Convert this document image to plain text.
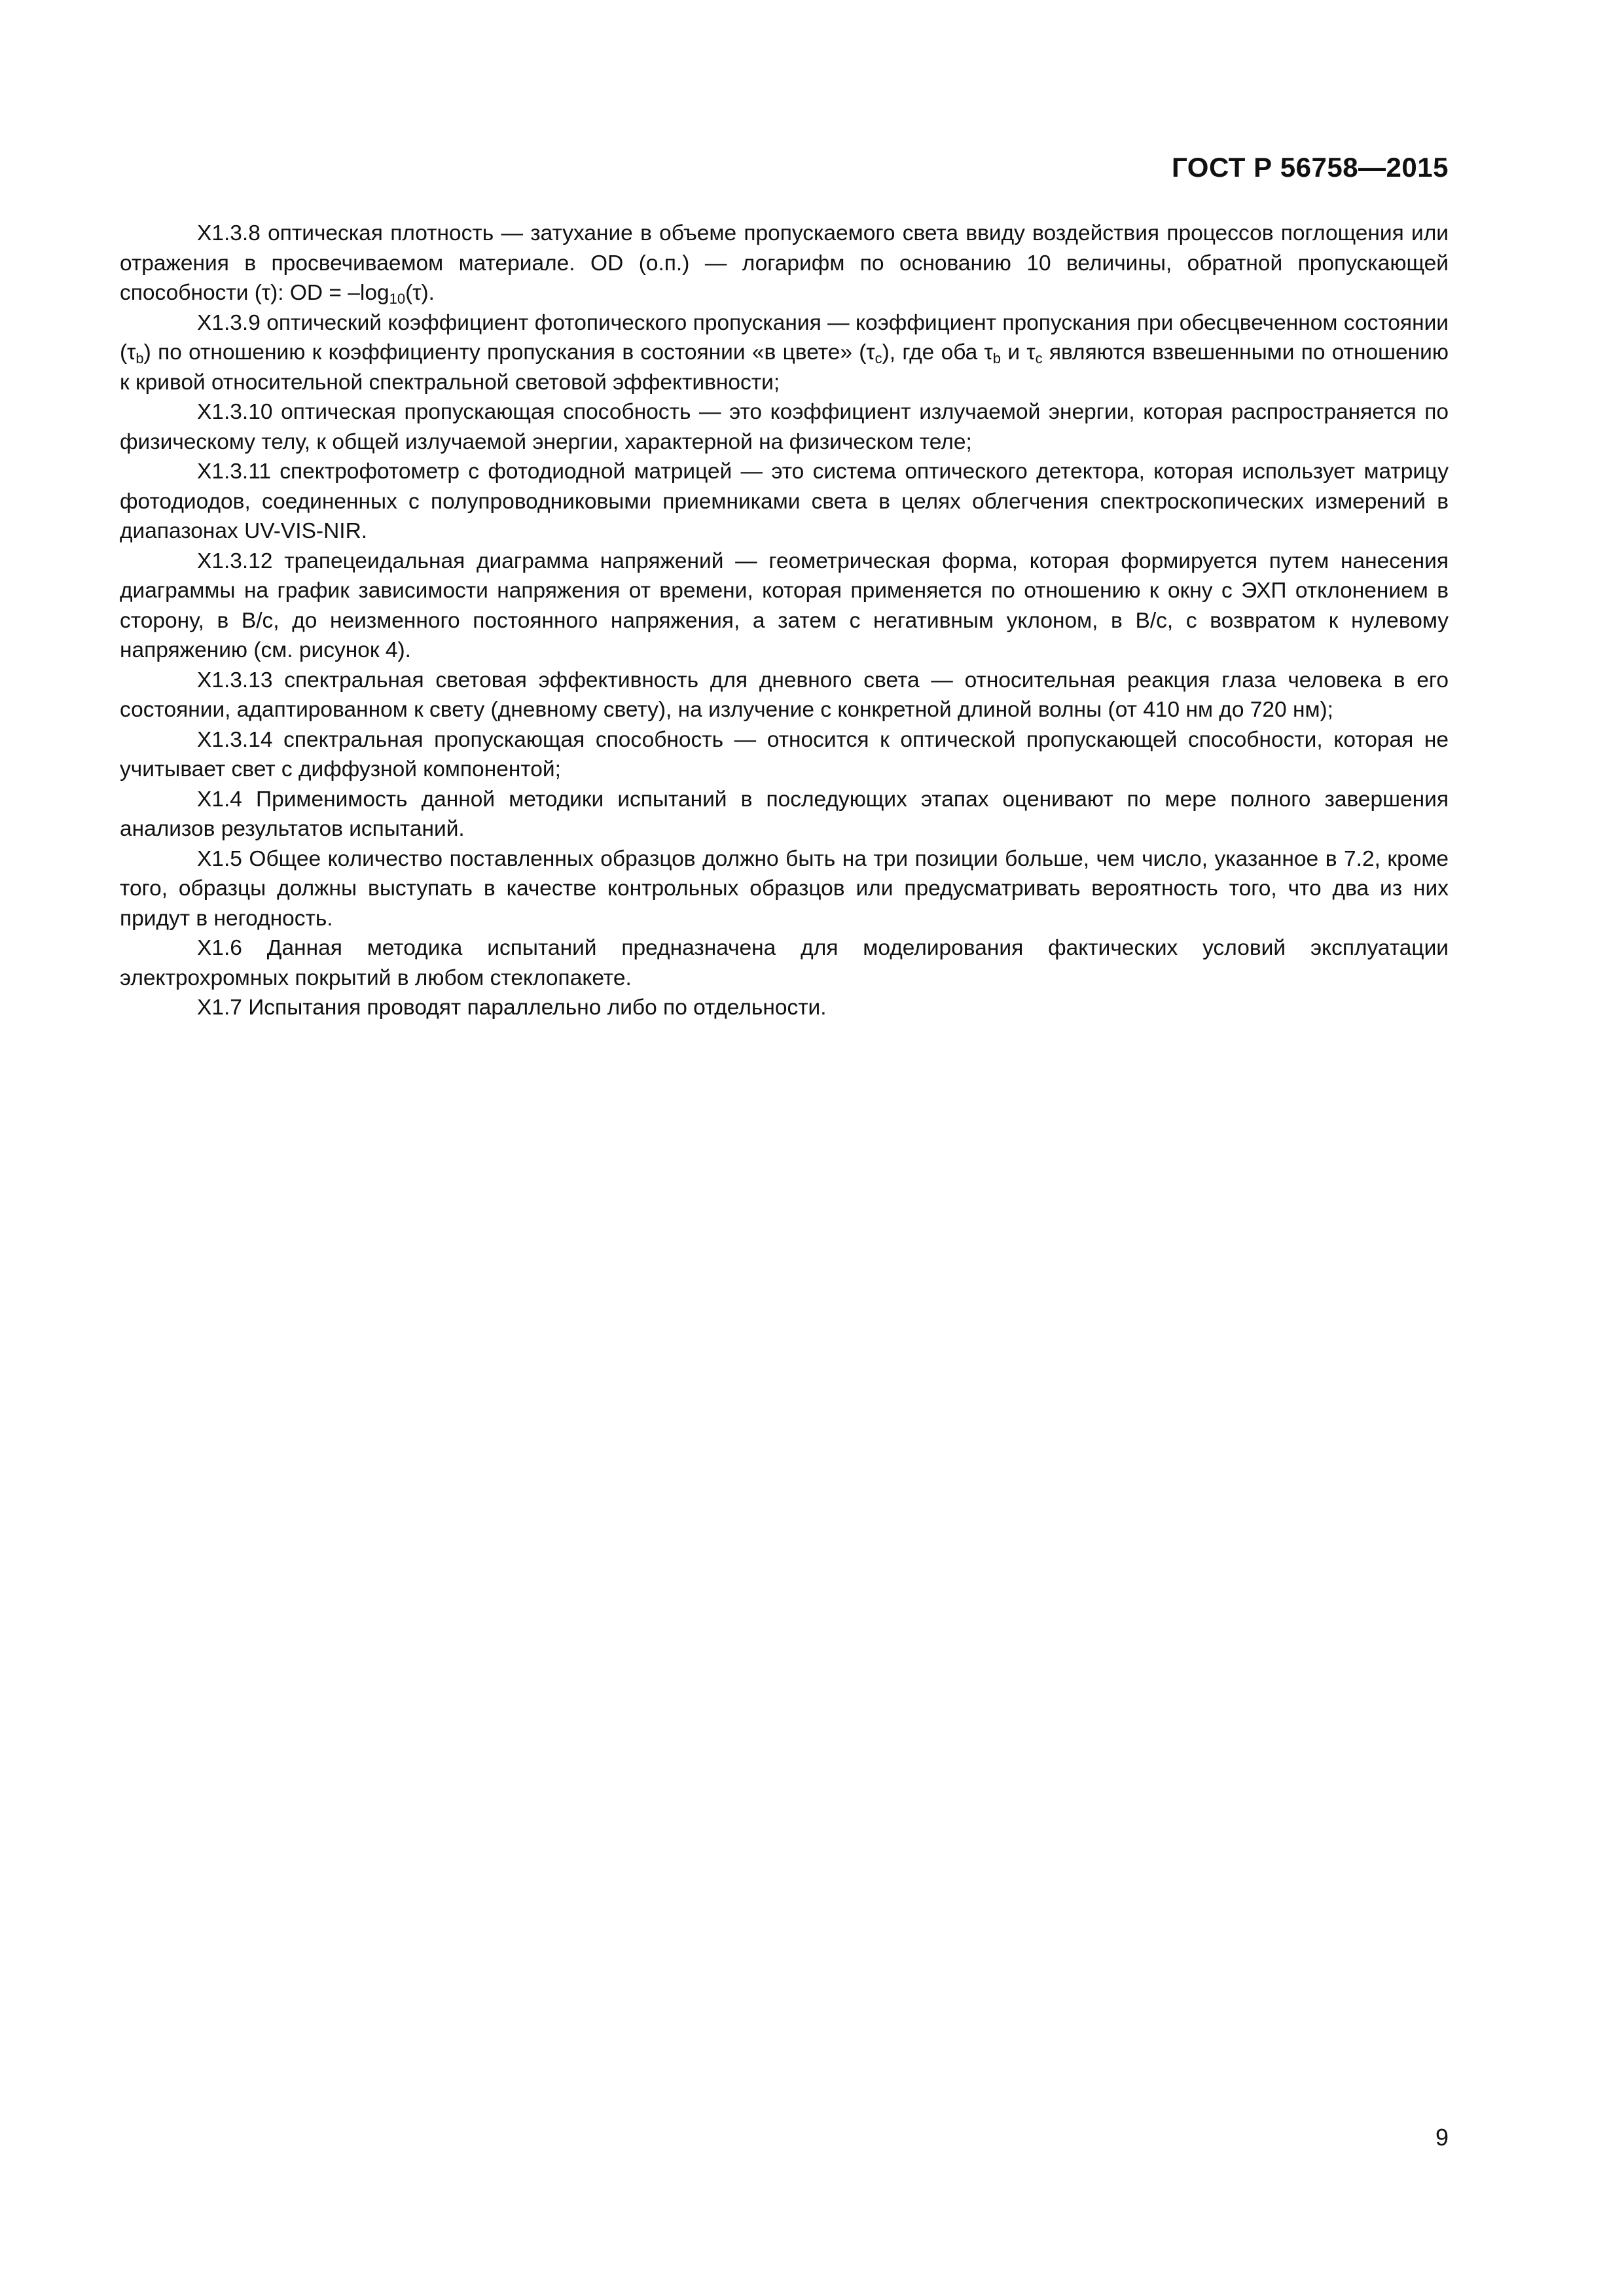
ГОСТ Р 56758—2015

X1.3.8 оптическая плотность — затухание в объеме пропускаемого света ввиду воздействия процессов поглощения или отражения в просвечиваемом материале. OD (о.п.) — логарифм по основанию 10 величины, обратной пропускающей способности (τ): OD = $-\log_{10}(\tau)$.

X1.3.9 оптический коэффициент фотопического пропускания — коэффициент пропускания при обесцвеченном состоянии $(\tau_b)$ по отношению к коэффициенту пропускания в состоянии «в цвете» $(\tau_c)$, где оба $\tau_b$ и $\tau_c$ являются взвешенными по отношению к кривой относительной спектральной световой эффективности;

X1.3.10 оптическая пропускающая способность — это коэффициент излучаемой энергии, которая распространяется по физическому телу, к общей излучаемой энергии, характерной на физическом теле;

X1.3.11 спектрофотометр с фотодиодной матрицей — это система оптического детектора, которая использует матрицу фотодиодов, соединенных с полупроводниковыми приемниками света в целях облегчения спектроскопических измерений в диапазонах UV-VIS-NIR.

X1.3.12 трапецеидальная диаграмма напряжений — геометрическая форма, которая формируется путем нанесения диаграммы на график зависимости напряжения от времени, которая применяется по отношению к окну с ЭХП отклонением в сторону, в В/с, до неизменного постоянного напряжения, а затем с негативным уклоном, в В/с, с возвратом к нулевому напряжению (см. рисунок 4).

X1.3.13 спектральная световая эффективность для дневного света — относительная реакция глаза человека в его состоянии, адаптированном к свету (дневному свету), на излучение с конкретной длиной волны (от 410 нм до 720 нм);

X1.3.14 спектральная пропускающая способность — относится к оптической пропускающей способности, которая не учитывает свет с диффузной компонентой;

X1.4 Применимость данной методики испытаний в последующих этапах оценивают по мере полного завершения анализов результатов испытаний.

X1.5 Общее количество поставленных образцов должно быть на три позиции больше, чем число, указанное в 7.2, кроме того, образцы должны выступать в качестве контрольных образцов или предусматривать вероятность того, что два из них придут в негодность.

X1.6 Данная методика испытаний предназначена для моделирования фактических условий эксплуатации электрохромных покрытий в любом стеклопакете.

X1.7 Испытания проводят параллельно либо по отдельности.

9
